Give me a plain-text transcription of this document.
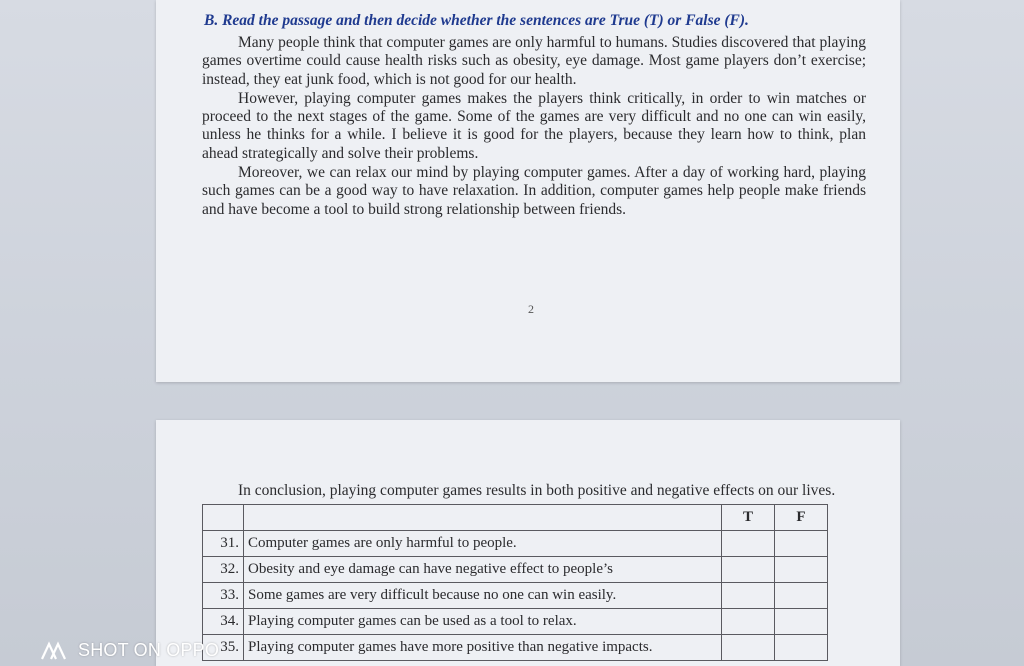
B. Read the passage and then decide whether the sentences are True (T) or False (F).

Many people think that computer games are only harmful to humans. Studies discovered that playing games overtime could cause health risks such as obesity, eye damage. Most game players don’t exercise; instead, they eat junk food, which is not good for our health.

However, playing computer games makes the players think critically, in order to win matches or proceed to the next stages of the game. Some of the games are very difficult and no one can win easily, unless he thinks for a while. I believe it is good for the players, because they learn how to think, plan ahead strategically and solve their problems.

Moreover, we can relax our mind by playing computer games. After a day of working hard, playing such games can be a good way to have relaxation. In addition, computer games help people make friends and have become a tool to build strong relationship between friends.

2

In conclusion, playing computer games results in both positive and negative effects on our lives.

		T	F
31.	Computer games are only harmful to people.		
32.	Obesity and eye damage can have negative effect to people’s		
33.	Some games are very difficult because no one can win easily.		
34.	Playing computer games can be used as a tool to relax.		
35.	Playing computer games have more positive than negative impacts.		
SHOT ON OPPO
